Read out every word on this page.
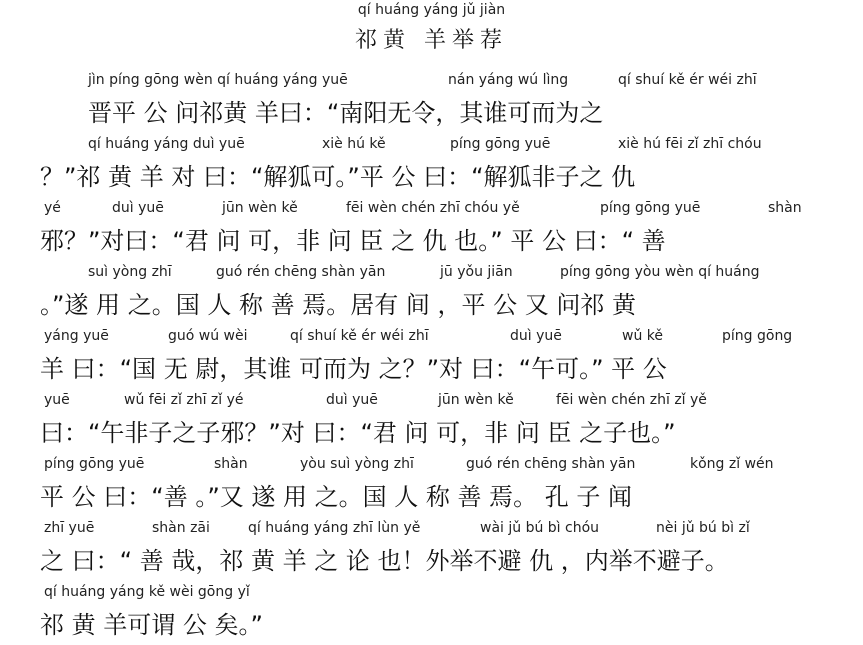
qí huáng yáng jǔ jiàn
祁黄 羊举荐
jìn píng gōng wèn qí huáng yáng yuē	nán yáng wú lìng	qí shuí kě ér wéi zhī
晋平 公 问祁黄 羊曰：“南阳无令，其谁可而为之
qí huáng yáng duì yuē	xiè hú kě	píng gōng yuē	xiè hú fēi zǐ zhī chóu
？”祁 黄 羊 对 曰：“解狐可。”平 公 曰：“解狐非子之 仇
yé	duì yuē	jūn wèn kě	fēi wèn chén zhī chóu yě	píng gōng yuē	shàn
邪？”对曰：“君 问 可，非 问 臣 之 仇 也。” 平 公 曰：“ 善
suì yòng zhī	guó rén chēng shàn yān	jū yǒu jiān	píng gōng yòu wèn qí huáng
。”遂 用 之。国 人 称 善 焉。居有 间 ，平 公 又 问祁 黄
yáng yuē	guó wú wèi	qí shuí kě ér wéi zhī	duì yuē	wǔ kě	píng gōng
羊 曰：“国 无 尉，其谁 可而为 之？”对 曰：“午可。” 平 公
yuē	wǔ fēi zǐ zhī zǐ yé	duì yuē	jūn wèn kě	fēi wèn chén zhī zǐ yě
曰：“午非子之子邪？”对 曰：“君 问 可，非 问 臣 之子也。”
píng gōng yuē	shàn	yòu suì yòng zhī	guó rén chēng shàn yān	kǒng zǐ wén
平 公 曰：“善 。”又 遂 用 之。国 人 称 善 焉。 孔 子 闻
zhī yuē	shàn zāi	qí huáng yáng zhī lùn yě	wài jǔ bú bì chóu	nèi jǔ bú bì zǐ
之 曰：“ 善 哉，祁 黄 羊 之 论 也！外举不避 仇 ，内举不避子。
qí huáng yáng kě wèi gōng yǐ
祁 黄 羊可谓 公 矣。”
